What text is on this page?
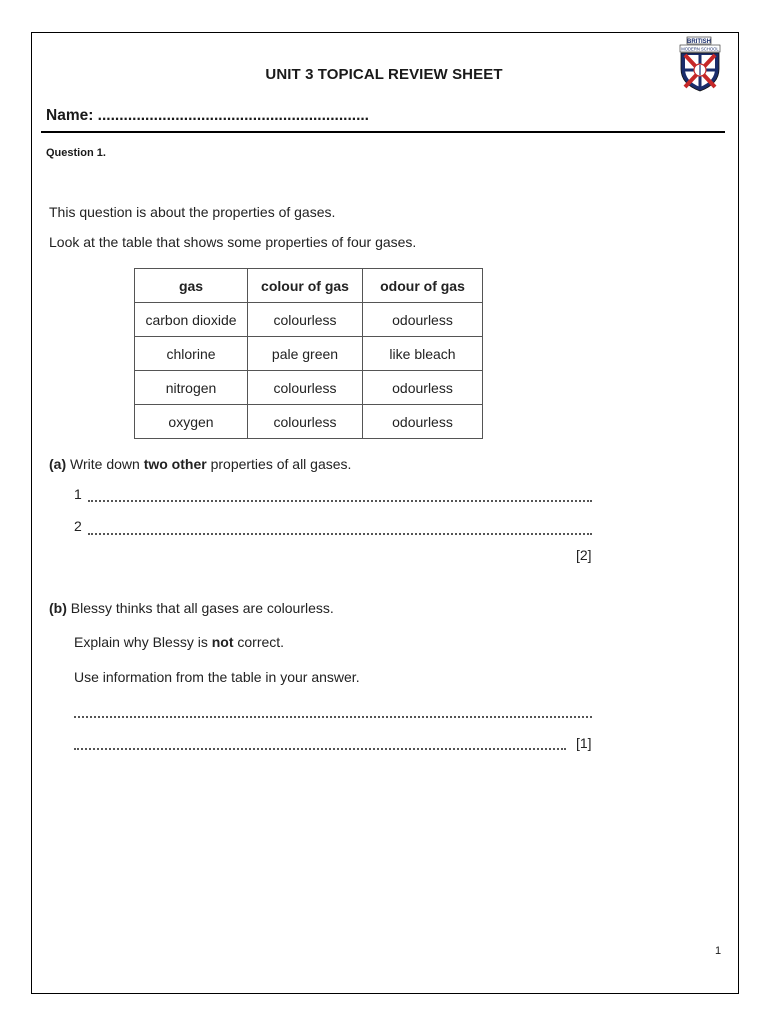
BRITISH
MODERN SCHOOL
UNIT 3 TOPICAL REVIEW SHEET
Name: ...............................................................
Question 1.
This question is about the properties of gases.
Look at the table that shows some properties of four gases.
gas	colour of gas	odour of gas
carbon dioxide	colourless	odourless
chlorine	pale green	like bleach
nitrogen	colourless	odourless
oxygen	colourless	odourless
(a) Write down two other properties of all gases.
1
2
[2]
(b) Blessy thinks that all gases are colourless.
Explain why Blessy is not correct.
Use information from the table in your answer.
[1]
1
